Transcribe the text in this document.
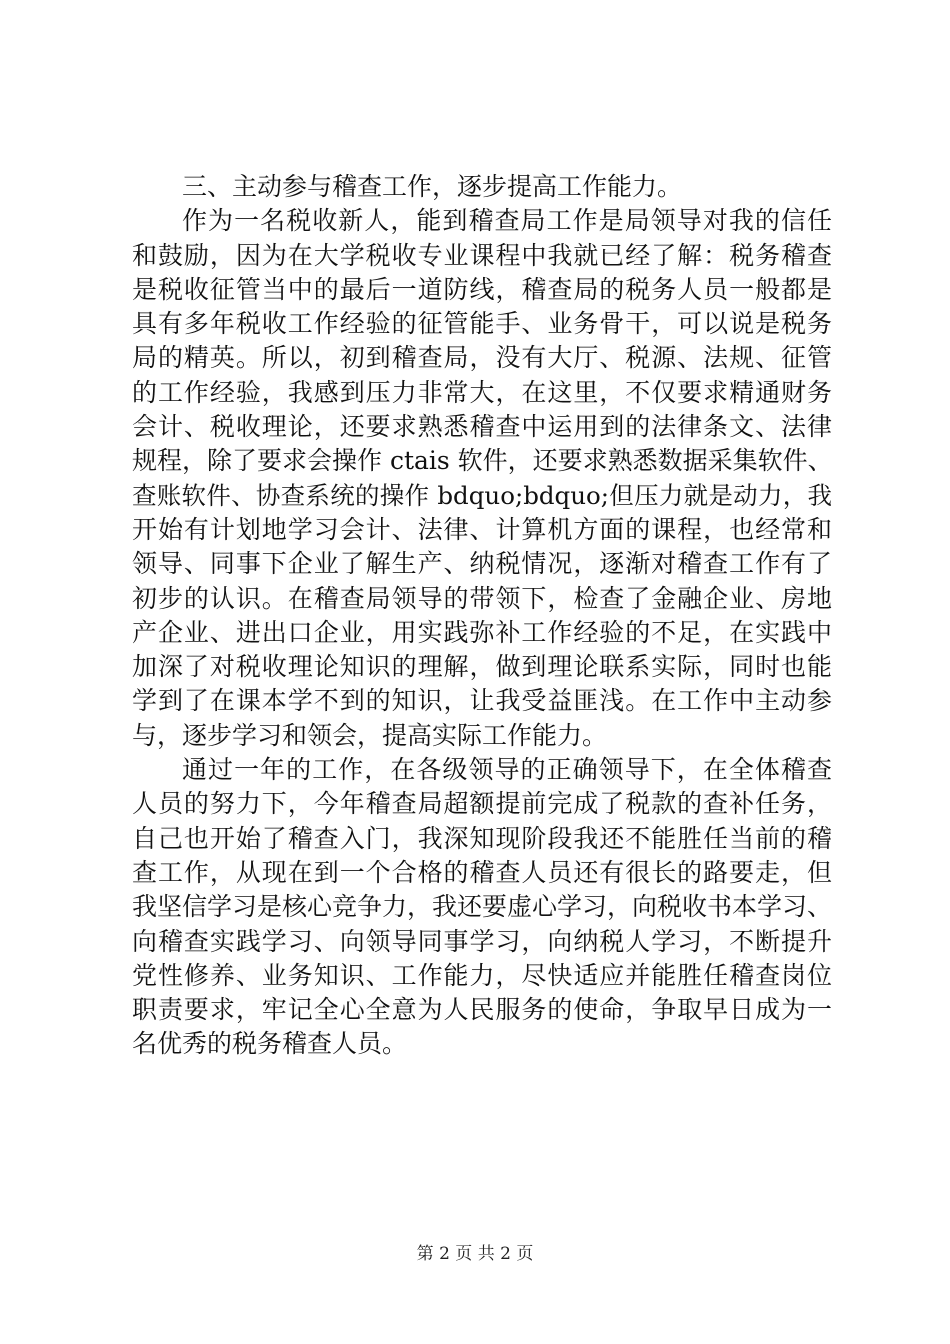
三、主动参与稽查工作，逐步提高工作能力。
作为一名税收新人，能到稽查局工作是局领导对我的信任
和鼓励，因为在大学税收专业课程中我就已经了解：税务稽查
是税收征管当中的最后一道防线，稽查局的税务人员一般都是
具有多年税收工作经验的征管能手、业务骨干，可以说是税务
局的精英。所以，初到稽查局，没有大厅、税源、法规、征管
的工作经验，我感到压力非常大，在这里，不仅要求精通财务
会计、税收理论，还要求熟悉稽查中运用到的法律条文、法律
规程，除了要求会操作 ctais 软件，还要求熟悉数据采集软件、
查账软件、协查系统的操作 bdquo;bdquo;但压力就是动力，我
开始有计划地学习会计、法律、计算机方面的课程，也经常和
领导、同事下企业了解生产、纳税情况，逐渐对稽查工作有了
初步的认识。在稽查局领导的带领下，检查了金融企业、房地
产企业、进出口企业，用实践弥补工作经验的不足，在实践中
加深了对税收理论知识的理解，做到理论联系实际，同时也能
学到了在课本学不到的知识，让我受益匪浅。在工作中主动参
与，逐步学习和领会，提高实际工作能力。
通过一年的工作，在各级领导的正确领导下，在全体稽查
人员的努力下，今年稽查局超额提前完成了税款的查补任务，
自己也开始了稽查入门，我深知现阶段我还不能胜任当前的稽
查工作，从现在到一个合格的稽查人员还有很长的路要走，但
我坚信学习是核心竞争力，我还要虚心学习，向税收书本学习、
向稽查实践学习、向领导同事学习，向纳税人学习，不断提升
党性修养、业务知识、工作能力，尽快适应并能胜任稽查岗位
职责要求，牢记全心全意为人民服务的使命，争取早日成为一
名优秀的税务稽查人员。
第 2 页 共 2 页
